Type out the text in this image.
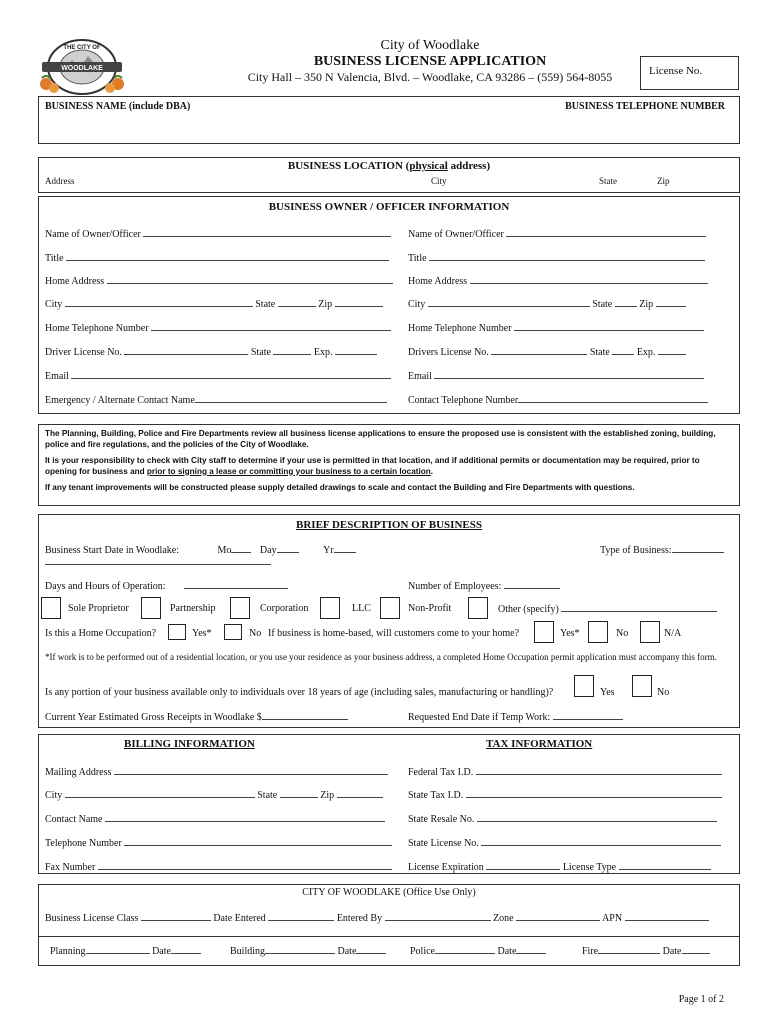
WOODLAKE
THE CITY OF	City of Woodlake
BUSINESS LICENSE APPLICATION
City Hall – 350 N Valencia, Blvd. – Woodlake, CA 93286 – (559) 564-8055	License No.
BUSINESS NAME (include DBA)	BUSINESS TELEPHONE NUMBER
BUSINESS LOCATION (physical address)
Address	City	State	Zip
BUSINESS OWNER / OFFICER INFORMATION
Name of Owner/Officer
Title
Home Address
City	State	Zip
Home Telephone Number
Driver License No.	State	Exp.
Email
Emergency / Alternate Contact Name
Name of Owner/Officer
Title
Home Address
City	State	Zip
Home Telephone Number
Drivers License No.	State	Exp.
Email
Contact Telephone Number

The Planning, Building, Police and Fire Departments review all business license applications to ensure the proposed use is consistent with the established zoning, building, police and fire regulations, and the policies of the City of Woodlake.

It is your responsibility to check with City staff to determine if your use is permitted in that location, and if additional permits or documentation may be required, prior to opening for business and prior to signing a lease or committing your business to a certain location.

If any tenant improvements will be constructed please supply detailed drawings to scale and contact the Building and Fire Departments with questions.

BRIEF DESCRIPTION OF BUSINESS
Business Start Date in Woodlake:	Mo	Day	Yr	Type of Business:
Days and Hours of Operation:	Number of Employees:
Sole Proprietor	Partnership	Corporation	LLC	Non-Profit	Other (specify)
Is this a Home Occupation?	Yes*	No If business is home-based, will customers come to your home?	Yes*	No	N/A
*If work is to be performed out of a residential location, or you use your residence as your business address, a completed Home Occupation permit application must accompany this form.
Is any portion of your business available only to individuals over 18 years of age (including sales, manufacturing or handling)?	Yes	No
Current Year Estimated Gross Receipts in Woodlake $	Requested End Date if Temp Work:
BILLING INFORMATION	TAX INFORMATION
Mailing Address
City	State	Zip
Contact Name
Telephone Number
Fax Number
Federal Tax I.D.
State Tax I.D.
State Resale No.
State License No.
License Expiration	License Type
CITY OF WOODLAKE (Office Use Only)
Business License Class	Date Entered	Entered By	Zone	APN
Planning	Date	Building	Date	Police	Date	Fire	Date
Page 1 of 2
